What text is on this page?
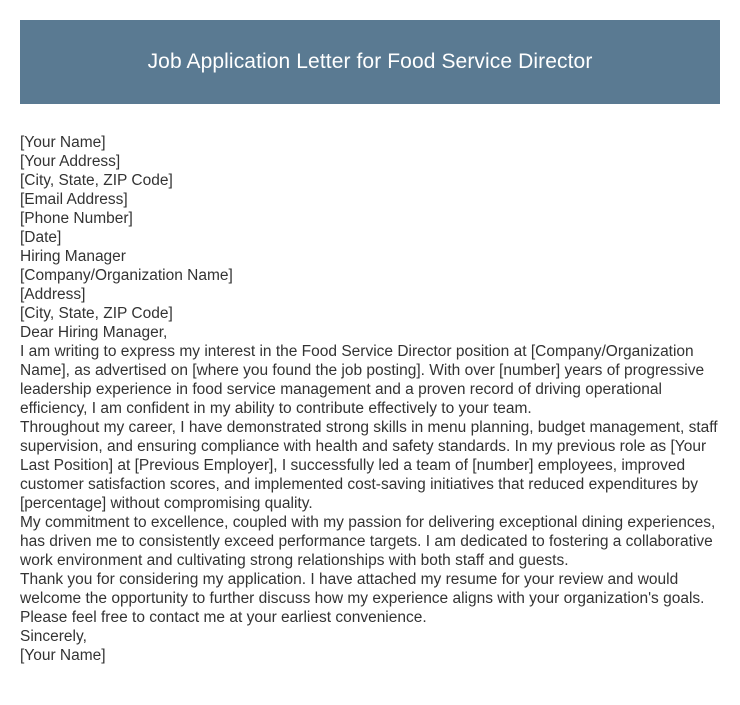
Job Application Letter for Food Service Director
[Your Name]
[Your Address]
[City, State, ZIP Code]
[Email Address]
[Phone Number]
[Date]
Hiring Manager
[Company/Organization Name]
[Address]
[City, State, ZIP Code]
Dear Hiring Manager,
I am writing to express my interest in the Food Service Director position at [Company/Organization Name], as advertised on [where you found the job posting]. With over [number] years of progressive leadership experience in food service management and a proven record of driving operational efficiency, I am confident in my ability to contribute effectively to your team.
Throughout my career, I have demonstrated strong skills in menu planning, budget management, staff supervision, and ensuring compliance with health and safety standards. In my previous role as [Your Last Position] at [Previous Employer], I successfully led a team of [number] employees, improved customer satisfaction scores, and implemented cost-saving initiatives that reduced expenditures by [percentage] without compromising quality.
My commitment to excellence, coupled with my passion for delivering exceptional dining experiences, has driven me to consistently exceed performance targets. I am dedicated to fostering a collaborative work environment and cultivating strong relationships with both staff and guests.
Thank you for considering my application. I have attached my resume for your review and would welcome the opportunity to further discuss how my experience aligns with your organization's goals. Please feel free to contact me at your earliest convenience.
Sincerely,
[Your Name]
